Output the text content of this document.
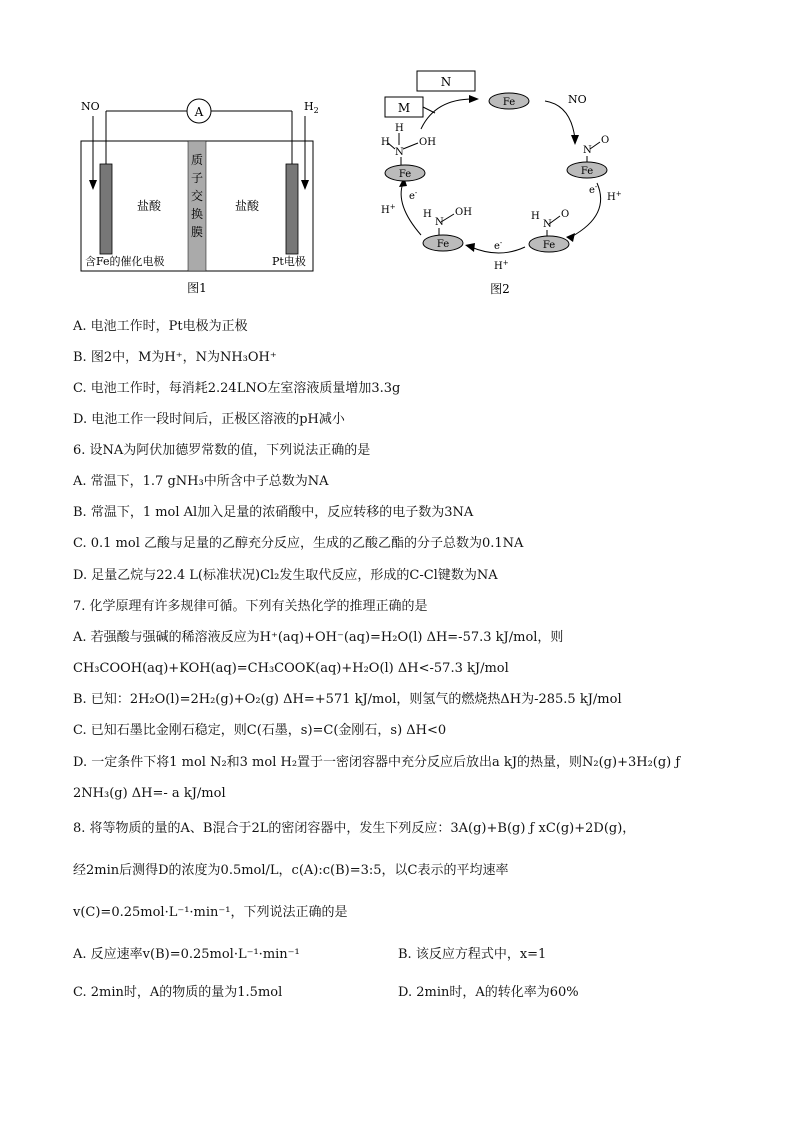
A
质
子
交
换
膜
NO	$H_2$
盐酸	盐酸
含Fe的催化电极	Pt电极
图1
N
M	Fe	NO
N
O
Fe
e-
H+
H
N
O
Fe
e-
H+
H
N
OH
Fe
e-
H+
H
H
N
OH
Fe
图2
A. 电池工作时，Pt电极为正极
B. 图2中，M为H⁺，N为NH₃OH⁺
C. 电池工作时，每消耗2.24LNO左室溶液质量增加3.3g
D. 电池工作一段时间后，正极区溶液的pH减小
6. 设NA为阿伏加德罗常数的值，下列说法正确的是
A. 常温下，1.7 gNH₃中所含中子总数为NA
B. 常温下，1 mol Al加入足量的浓硝酸中，反应转移的电子数为3NA
C. 0.1 mol 乙酸与足量的乙醇充分反应，生成的乙酸乙酯的分子总数为0.1NA
D. 足量乙烷与22.4 L(标准状况)Cl₂发生取代反应，形成的C-Cl键数为NA
7. 化学原理有许多规律可循。下列有关热化学的推理正确的是
A. 若强酸与强碱的稀溶液反应为H⁺(aq)+OH⁻(aq)=H₂O(l) ΔH=-57.3 kJ/mol，则
CH₃COOH(aq)+KOH(aq)=CH₃COOK(aq)+H₂O(l) ΔH<-57.3 kJ/mol
B. 已知：2H₂O(l)=2H₂(g)+O₂(g) ΔH=+571 kJ/mol，则氢气的燃烧热ΔH为-285.5 kJ/mol
C. 已知石墨比金刚石稳定，则C(石墨，s)=C(金刚石，s) ΔH<0
D. 一定条件下将1 mol N₂和3 mol H₂置于一密闭容器中充分反应后放出a kJ的热量，则N₂(g)+3H₂(g) ƒ
2NH₃(g) ΔH=- a kJ/mol
8. 将等物质的量的A、B混合于2L的密闭容器中，发生下列反应：3A(g)+B(g) ƒ xC(g)+2D(g)，
经2min后测得D的浓度为0.5mol/L，c(A):c(B)=3:5，以C表示的平均速率
v(C)=0.25mol·L⁻¹·min⁻¹，下列说法正确的是
A. 反应速率v(B)=0.25mol·L⁻¹·min⁻¹	B. 该反应方程式中，x=1
C. 2min时，A的物质的量为1.5mol	D. 2min时，A的转化率为60%
